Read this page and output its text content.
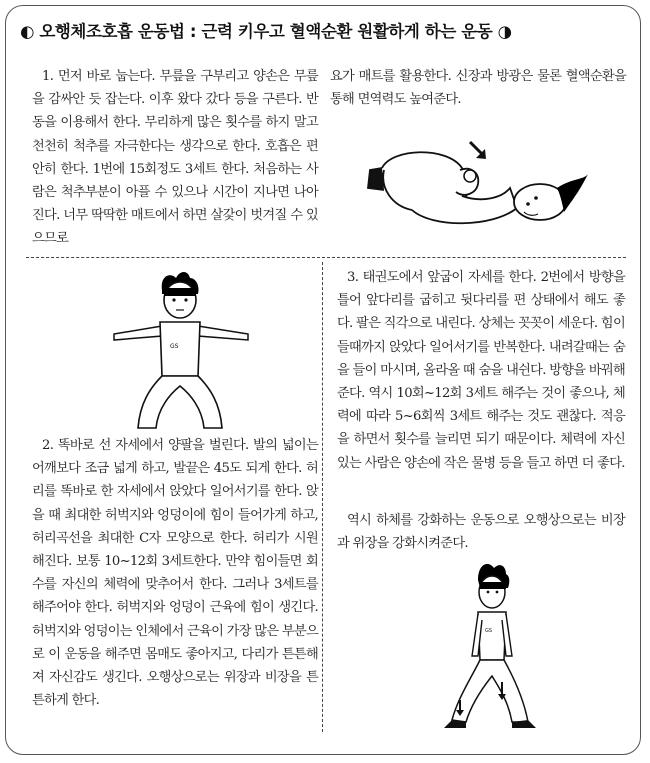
◐ 오행체조호흡 운동법 : 근력 키우고 혈액순환 원활하게 하는 운동 ◑

1. 먼저 바로 눕는다. 무릎을 구부리고 양손은 무릎을 감싸안 듯 잡는다. 이후 왔다 갔다 등을 구른다. 반동을 이용해서 한다. 무리하게 많은 횟수를 하지 말고 천천히 척추를 자극한다는 생각으로 한다. 호흡은 편안히 한다. 1번에 15회정도 3세트 한다. 처음하는 사람은 척추부분이 아플 수 있으나 시간이 지나면 나아진다. 너무 딱딱한 매트에서 하면 살갗이 벗겨질 수 있으므로

요가 매트를 활용한다. 신장과 방광은 물론 혈액순환을 통해 면역력도 높여준다.

GS

2. 똑바로 선 자세에서 양팔을 벌린다. 발의 넓이는 어깨보다 조금 넓게 하고, 발끝은 45도 되게 한다. 허리를 똑바로 한 자세에서 앉았다 일어서기를 한다. 앉을 때 최대한 허벅지와 엉덩이에 힘이 들어가게 하고, 허리곡선을 최대한 C자 모양으로 한다. 허리가 시원해진다. 보통 10~12회 3세트한다. 만약 힘이들면 회수를 자신의 체력에 맞추어서 한다. 그러나 3세트를 해주어야 한다. 허벅지와 엉덩이 근육에 힘이 생긴다. 허벅지와 엉덩이는 인체에서 근육이 가장 많은 부분으로 이 운동을 해주면 몸매도 좋아지고, 다리가 튼튼해져 자신감도 생긴다. 오행상으로는 위장과 비장을 튼튼하게 한다.

3. 태권도에서 앞굽이 자세를 한다. 2번에서 방향을 틀어 앞다리를 굽히고 뒷다리를 편 상태에서 해도 좋다. 팔은 직각으로 내린다. 상체는 꼿꼿이 세운다. 힘이 들때까지 앉았다 일어서기를 반복한다. 내려갈때는 숨을 들이 마시며, 올라올 때 숨을 내쉰다. 방향을 바꿔해준다. 역시 10회~12회 3세트 해주는 것이 좋으나, 체력에 따라 5~6회씩 3세트 해주는 것도 괜찮다. 적응을 하면서 횟수를 늘리면 되기 때문이다. 체력에 자신있는 사람은 양손에 작은 물병 등을 들고 하면 더 좋다.

역시 하체를 강화하는 운동으로 오행상으로는 비장과 위장을 강화시켜준다.

GS
